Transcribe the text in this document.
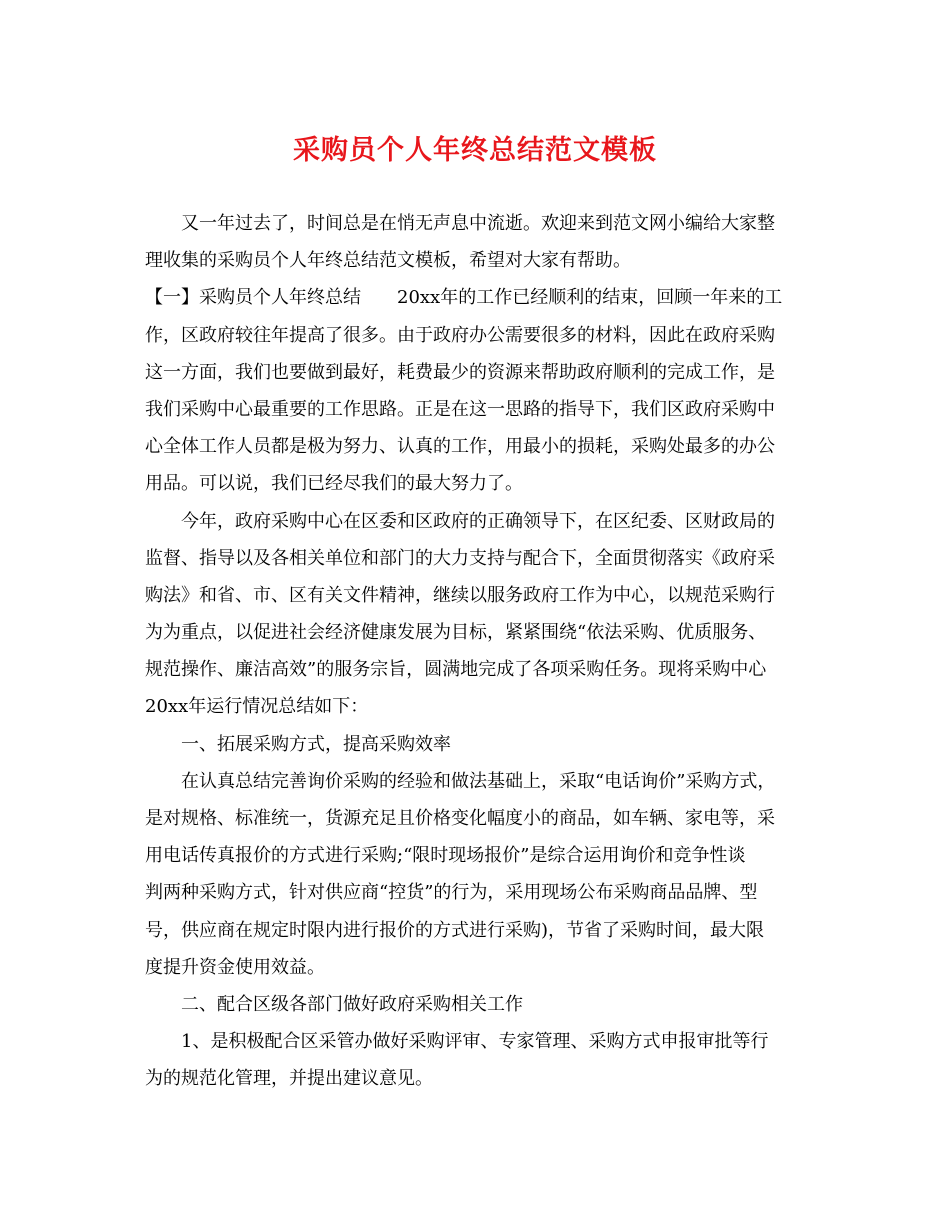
采购员个人年终总结范文模板
又一年过去了，时间总是在悄无声息中流逝。欢迎来到范文网小编给大家整
理收集的采购员个人年终总结范文模板，希望对大家有帮助。
【一】采购员个人年终总结　　20xx年的工作已经顺利的结束，回顾一年来的工
作，区政府较往年提高了很多。由于政府办公需要很多的材料，因此在政府采购
这一方面，我们也要做到最好，耗费最少的资源来帮助政府顺利的完成工作，是
我们采购中心最重要的工作思路。正是在这一思路的指导下，我们区政府采购中
心全体工作人员都是极为努力、认真的工作，用最小的损耗，采购处最多的办公
用品。可以说，我们已经尽我们的最大努力了。
今年，政府采购中心在区委和区政府的正确领导下，在区纪委、区财政局的
监督、指导以及各相关单位和部门的大力支持与配合下，全面贯彻落实《政府采
购法》和省、市、区有关文件精神，继续以服务政府工作为中心，以规范采购行
为为重点，以促进社会经济健康发展为目标，紧紧围绕“依法采购、优质服务、
规范操作、廉洁高效”的服务宗旨，圆满地完成了各项采购任务。现将采购中心
20xx年运行情况总结如下：
一、拓展采购方式，提高采购效率
在认真总结完善询价采购的经验和做法基础上，采取“电话询价”采购方式，
是对规格、标准统一，货源充足且价格变化幅度小的商品，如车辆、家电等，采
用电话传真报价的方式进行采购;“限时现场报价”是综合运用询价和竞争性谈
判两种采购方式，针对供应商“控货”的行为，采用现场公布采购商品品牌、型
号，供应商在规定时限内进行报价的方式进行采购)，节省了采购时间，最大限
度提升资金使用效益。
二、配合区级各部门做好政府采购相关工作
1、是积极配合区采管办做好采购评审、专家管理、采购方式申报审批等行
为的规范化管理，并提出建议意见。
